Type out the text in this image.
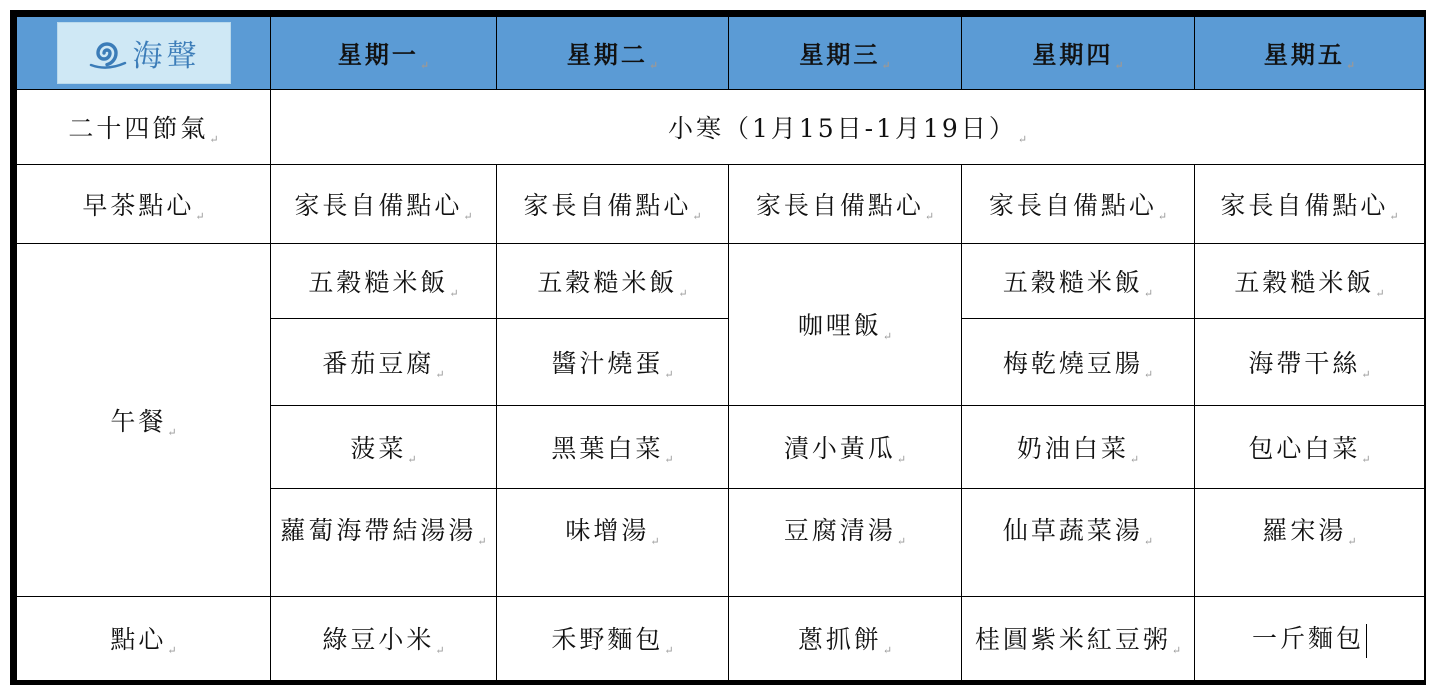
海聲	星期一$_↵$	星期二$_↵$	星期三$_↵$	星期四$_↵$	星期五$_↵$
二十四節氣$_↵$	小寒（1月15日-1月19日）$_↵$
早茶點心$_↵$	家長自備點心$_↵$	家長自備點心$_↵$	家長自備點心$_↵$	家長自備點心$_↵$	家長自備點心$_↵$
午餐$_↵$	五穀糙米飯$_↵$	五穀糙米飯$_↵$	咖哩飯$_↵$	五穀糙米飯$_↵$	五穀糙米飯$_↵$
	番茄豆腐$_↵$	醬汁燒蛋$_↵$		梅乾燒豆腸$_↵$	海帶干絲$_↵$
	菠菜$_↵$	黑葉白菜$_↵$	漬小黃瓜$_↵$	奶油白菜$_↵$	包心白菜$_↵$
	蘿蔔海帶結湯湯$_↵$	味增湯$_↵$	豆腐清湯$_↵$	仙草蔬菜湯$_↵$	羅宋湯$_↵$
點心$_↵$	綠豆小米$_↵$	禾野麵包$_↵$	蔥抓餅$_↵$	桂圓紫米紅豆粥$_↵$	一斤麵包
